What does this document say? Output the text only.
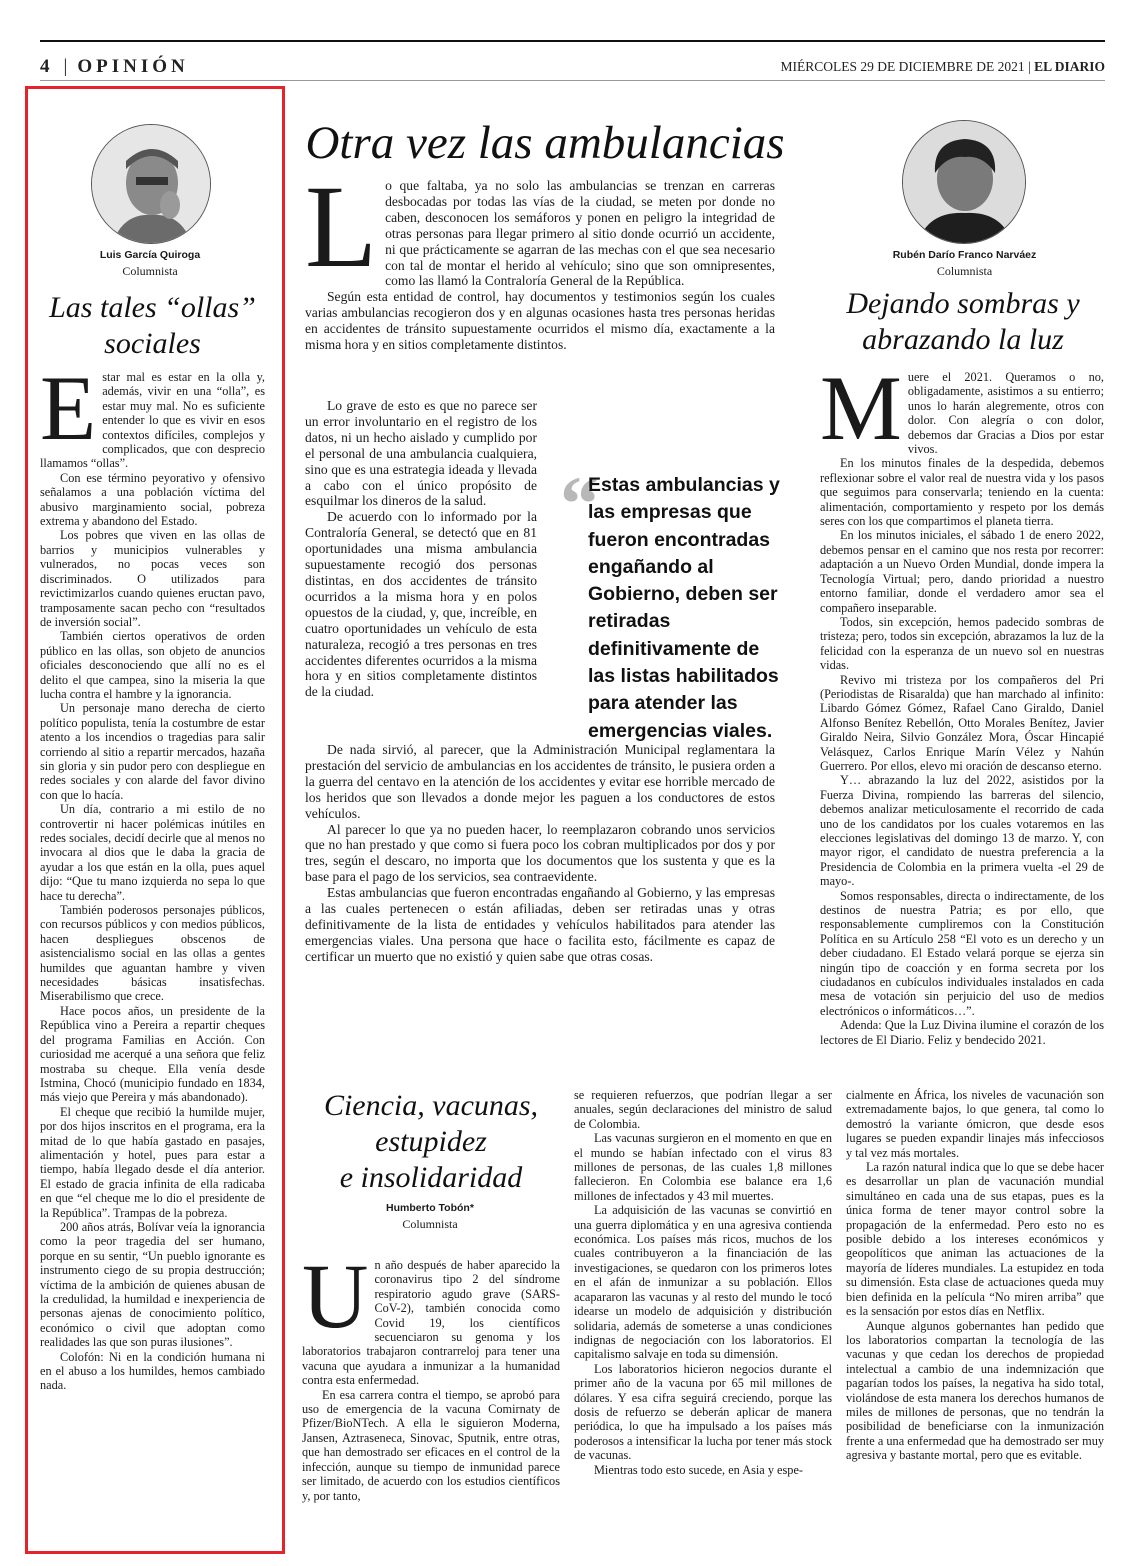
4 | OPINIÓN	MIÉRCOLES 29 DE DICIEMBRE DE 2021 | EL DIARIO
Luis García Quiroga
Columnista
Las tales “ollas”
sociales

Estar mal es estar en la olla y, además, vivir en una “olla”, es estar muy mal. No es suficiente entender lo que es vivir en esos contextos difíciles, complejos y complicados, que con desprecio llamamos “ollas”.

Con ese término peyorativo y ofensivo señalamos a una población víctima del abusivo marginamiento social, pobreza extrema y abandono del Estado.

Los pobres que viven en las ollas de barrios y municipios vulnerables y vulnerados, no pocas veces son discriminados. O utilizados para revictimizarlos cuando quienes eructan pavo, tramposamente sacan pecho con “resultados de inversión social”.

También ciertos operativos de orden público en las ollas, son objeto de anuncios oficiales desconociendo que allí no es el delito el que campea, sino la miseria la que lucha contra el hambre y la ignorancia.

Un personaje mano derecha de cierto político populista, tenía la costumbre de estar atento a los incendios o tragedias para salir corriendo al sitio a repartir mercados, hazaña sin gloria y sin pudor pero con despliegue en redes sociales y con alarde del favor divino con que lo hacía.

Un día, contrario a mi estilo de no controvertir ni hacer polémicas inútiles en redes sociales, decidí decirle que al menos no invocara al dios que le daba la gracia de ayudar a los que están en la olla, pues aquel dijo: “Que tu mano izquierda no sepa lo que hace tu derecha”.

También poderosos personajes públicos, con recursos públicos y con medios públicos, hacen despliegues obscenos de asistencialismo social en las ollas a gentes humildes que aguantan hambre y viven necesidades básicas insatisfechas. Miserabilismo que crece.

Hace pocos años, un presidente de la República vino a Pereira a repartir cheques del programa Familias en Acción. Con curiosidad me acerqué a una señora que feliz mostraba su cheque. Ella venía desde Istmina, Chocó (municipio fundado en 1834, más viejo que Pereira y más abandonado).

El cheque que recibió la humilde mujer, por dos hijos inscritos en el programa, era la mitad de lo que había gastado en pasajes, alimentación y hotel, pues para estar a tiempo, había llegado desde el día anterior. El estado de gracia infinita de ella radicaba en que “el cheque me lo dio el presidente de la República”. Trampas de la pobreza.

200 años atrás, Bolívar veía la ignorancia como la peor tragedia del ser humano, porque en su sentir, “Un pueblo ignorante es instrumento ciego de su propia destrucción; víctima de la ambición de quienes abusan de la credulidad, la humildad e inexperiencia de personas ajenas de conocimiento político, económico o civil que adoptan como realidades las que son puras ilusiones”.

Colofón: Ni en la condición humana ni en el abuso a los humildes, hemos cambiado nada.

Otra vez las ambulancias

Lo que faltaba, ya no solo las ambulancias se trenzan en carreras desbocadas por todas las vías de la ciudad, se meten por donde no caben, desconocen los semáforos y ponen en peligro la integridad de otras personas para llegar primero al sitio donde ocurrió un accidente, ni que prácticamente se agarran de las mechas con el que sea necesario con tal de montar el herido al vehículo; sino que son omnipresentes, como las llamó la Contraloría General de la República.

Según esta entidad de control, hay documentos y testimonios según los cuales varias ambulancias recogieron dos y en algunas ocasiones hasta tres personas heridas en accidentes de tránsito supuestamente ocurridos el mismo día, exactamente a la misma hora y en sitios completamente distintos.

Lo grave de esto es que no parece ser un error involuntario en el registro de los datos, ni un hecho aislado y cumplido por el personal de una ambulancia cualquiera, sino que es una estrategia ideada y llevada a cabo con el único propósito de esquilmar los dineros de la salud.

De acuerdo con lo informado por la Contraloría General, se detectó que en 81 oportunidades una misma ambulancia supuestamente recogió dos personas distintas, en dos accidentes de tránsito ocurridos a la misma hora y en polos opuestos de la ciudad, y, que, increíble, en cuatro oportunidades un vehículo de esta naturaleza, recogió a tres personas en tres accidentes diferentes ocurridos a la misma hora y en sitios completamente distintos de la ciudad.

De nada sirvió, al parecer, que la Administración Municipal reglamentara la prestación del servicio de ambulancias en los accidentes de tránsito, le pusiera orden a la guerra del centavo en la atención de los accidentes y evitar ese horrible mercado de los heridos que son llevados a donde mejor les paguen a los conductores de estos vehículos.

Al parecer lo que ya no pueden hacer, lo reemplazaron cobrando unos servicios que no han prestado y que como si fuera poco los cobran multiplicados por dos y por tres, según el descaro, no importa que los documentos que los sustenta y que es la base para el pago de los servicios, sea contraevidente.

Estas ambulancias que fueron encontradas engañando al Gobierno, y las empresas a las cuales pertenecen o están afiliadas, deben ser retiradas unas y otras definitivamente de la lista de entidades y vehículos habilitados para atender las emergencias viales. Una persona que hace o facilita esto, fácilmente es capaz de certificar un muerto que no existió y quien sabe que otras cosas.

“
Estas ambulancias y las empresas que fueron encontradas engañando al Gobierno, deben ser retiradas definitivamente de las listas habilitados para atender las emergencias viales.
Rubén Darío Franco Narváez
Columnista
Dejando sombras y
abrazando la luz

Muere el 2021. Queramos o no, obligadamente, asistimos a su entierro; unos lo harán alegremente, otros con dolor. Con alegría o con dolor, debemos dar Gracias a Dios por estar vivos.

En los minutos finales de la despedida, debemos reflexionar sobre el valor real de nuestra vida y los pasos que seguimos para conservarla; teniendo en la cuenta: alimentación, comportamiento y respeto por los demás seres con los que compartimos el planeta tierra.

En los minutos iniciales, el sábado 1 de enero 2022, debemos pensar en el camino que nos resta por recorrer: adaptación a un Nuevo Orden Mundial, donde impera la Tecnología Virtual; pero, dando prioridad a nuestro entorno familiar, donde el verdadero amor sea el compañero inseparable.

Todos, sin excepción, hemos padecido sombras de tristeza; pero, todos sin excepción, abrazamos la luz de la felicidad con la esperanza de un nuevo sol en nuestras vidas.

Revivo mi tristeza por los compañeros del Pri (Periodistas de Risaralda) que han marchado al infinito: Libardo Gómez Gómez, Rafael Cano Giraldo, Daniel Alfonso Benítez Rebellón, Otto Morales Benítez, Javier Giraldo Neira, Silvio González Mora, Óscar Hincapié Velásquez, Carlos Enrique Marín Vélez y Nahún Guerrero. Por ellos, elevo mi oración de descanso eterno.

Y… abrazando la luz del 2022, asistidos por la Fuerza Divina, rompiendo las barreras del silencio, debemos analizar meticulosamente el recorrido de cada uno de los candidatos por los cuales votaremos en las elecciones legislativas del domingo 13 de marzo. Y, con mayor rigor, el candidato de nuestra preferencia a la Presidencia de Colombia en la primera vuelta -el 29 de mayo-.

Somos responsables, directa o indirectamente, de los destinos de nuestra Patria; es por ello, que responsablemente cumpliremos con la Constitución Política en su Artículo 258 “El voto es un derecho y un deber ciudadano. El Estado velará porque se ejerza sin ningún tipo de coacción y en forma secreta por los ciudadanos en cubículos individuales instalados en cada mesa de votación sin perjuicio del uso de medios electrónicos o informáticos…”.

Adenda: Que la Luz Divina ilumine el corazón de los lectores de El Diario. Feliz y bendecido 2021.

Ciencia, vacunas,
estupidez
e insolidaridad
Humberto Tobón*
Columnista

Un año después de haber aparecido la coronavirus tipo 2 del síndrome respiratorio agudo grave (SARS-CoV-2), también conocida como Covid 19, los científicos secuenciaron su genoma y los laboratorios trabajaron contrarreloj para tener una vacuna que ayudara a inmunizar a la humanidad contra esta enfermedad.

En esa carrera contra el tiempo, se aprobó para uso de emergencia de la vacuna Comirnaty de Pfizer/BioNTech. A ella le siguieron Moderna, Jansen, Aztraseneca, Sinovac, Sputnik, entre otras, que han demostrado ser eficaces en el control de la infección, aunque su tiempo de inmunidad parece ser limitado, de acuerdo con los estudios científicos y, por tanto,

se requieren refuerzos, que podrían llegar a ser anuales, según declaraciones del ministro de salud de Colombia.

Las vacunas surgieron en el momento en que en el mundo se habían infectado con el virus 83 millones de personas, de las cuales 1,8 millones fallecieron. En Colombia ese balance era 1,6 millones de infectados y 43 mil muertes.

La adquisición de las vacunas se convirtió en una guerra diplomática y en una agresiva contienda económica. Los países más ricos, muchos de los cuales contribuyeron a la financiación de las investigaciones, se quedaron con los primeros lotes en el afán de inmunizar a su población. Ellos acapararon las vacunas y al resto del mundo le tocó idearse un modelo de adquisición y distribución solidaria, además de someterse a unas condiciones indignas de negociación con los laboratorios. El capitalismo salvaje en toda su dimensión.

Los laboratorios hicieron negocios durante el primer año de la vacuna por 65 mil millones de dólares. Y esa cifra seguirá creciendo, porque las dosis de refuerzo se deberán aplicar de manera periódica, lo que ha impulsado a los países más poderosos a intensificar la lucha por tener más stock de vacunas.

Mientras todo esto sucede, en Asia y espe-

cialmente en África, los niveles de vacunación son extremadamente bajos, lo que genera, tal como lo demostró la variante ómicron, que desde esos lugares se pueden expandir linajes más infecciosos y tal vez más mortales.

La razón natural indica que lo que se debe hacer es desarrollar un plan de vacunación mundial simultáneo en cada una de sus etapas, pues es la única forma de tener mayor control sobre la propagación de la enfermedad. Pero esto no es posible debido a los intereses económicos y geopolíticos que animan las actuaciones de la mayoría de líderes mundiales. La estupidez en toda su dimensión. Esta clase de actuaciones queda muy bien definida en la película “No miren arriba” que es la sensación por estos días en Netflix.

Aunque algunos gobernantes han pedido que los laboratorios compartan la tecnología de las vacunas y que cedan los derechos de propiedad intelectual a cambio de una indemnización que pagarían todos los países, la negativa ha sido total, violándose de esta manera los derechos humanos de miles de millones de personas, que no tendrán la posibilidad de beneficiarse con la inmunización frente a una enfermedad que ha demostrado ser muy agresiva y bastante mortal, pero que es evitable.
